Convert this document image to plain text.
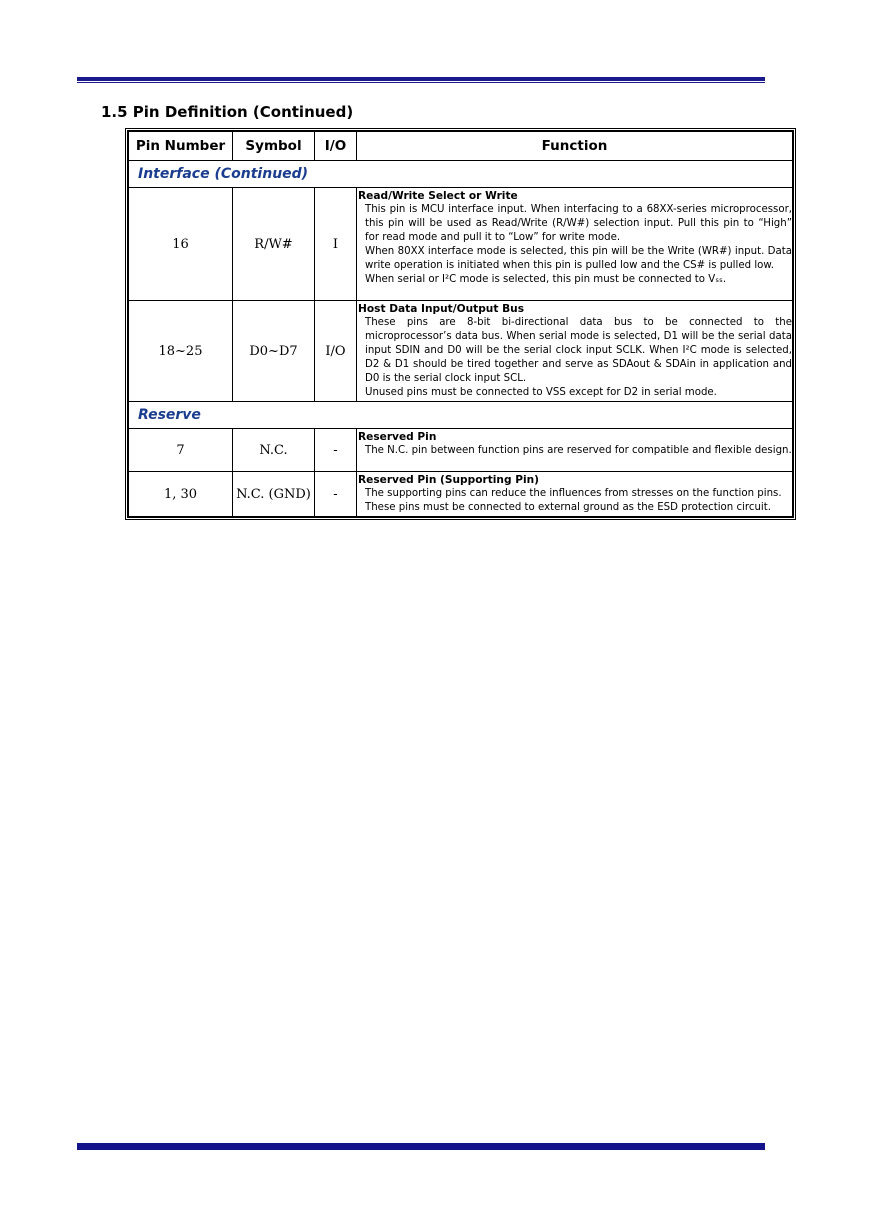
1.5 Pin Definition (Continued)
Pin Number	Symbol	I/O	Function
Interface (Continued)			
16	R/W#	I	Read/Write Select or Write

This pin is MCU interface input. When interfacing to a 68XX-series microprocessor, this pin will be used as Read/Write (R/W#) selection input. Pull this pin to “High” for read mode and pull it to “Low” for write mode.

When 80XX interface mode is selected, this pin will be the Write (WR#) input. Data write operation is initiated when this pin is pulled low and the CS# is pulled low.

When serial or I²C mode is selected, this pin must be connected to Vₛₛ.

18~25	D0~D7	I/O	Host Data Input/Output Bus

These pins are 8-bit bi-directional data bus to be connected to the microprocessor’s data bus. When serial mode is selected, D1 will be the serial data input SDIN and D0 will be the serial clock input SCLK. When I²C mode is selected, D2 & D1 should be tired together and serve as SDAout & SDAin in application and D0 is the serial clock input SCL.

Unused pins must be connected to VSS except for D2 in serial mode.

Reserve			
7	N.C.	-	Reserved Pin

The N.C. pin between function pins are reserved for compatible and flexible design.

1, 30	N.C. (GND)	-	Reserved Pin (Supporting Pin)

The supporting pins can reduce the influences from stresses on the function pins.

These pins must be connected to external ground as the ESD protection circuit.
